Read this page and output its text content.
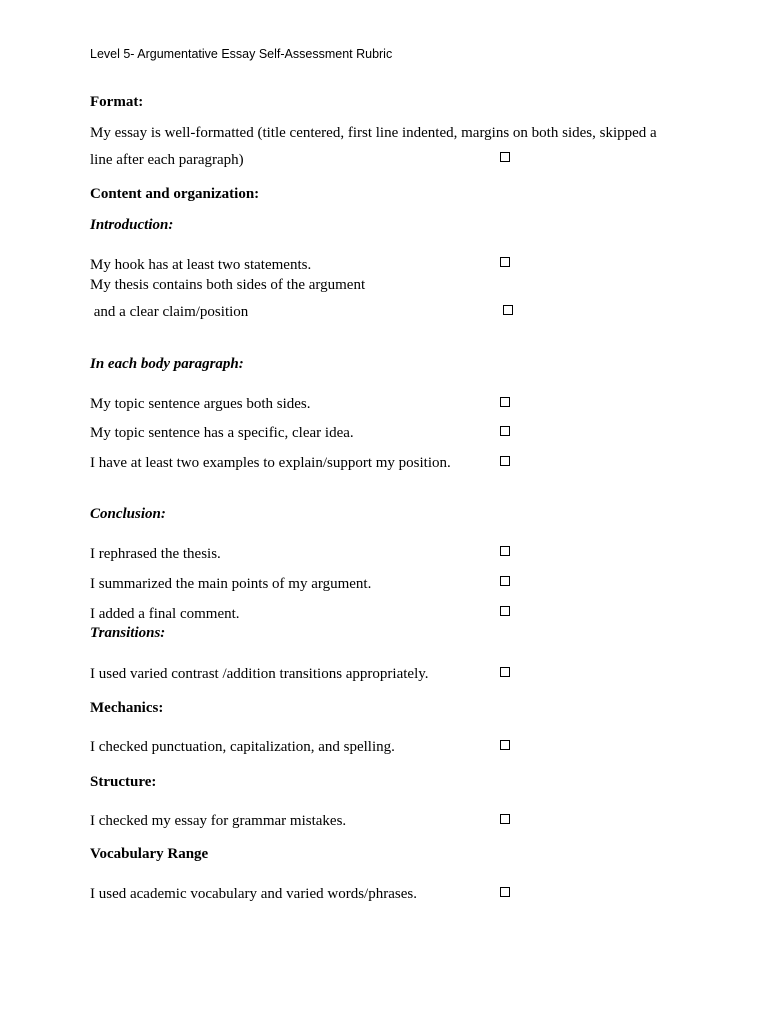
Level 5- Argumentative Essay Self-Assessment Rubric
Format:
My essay is well-formatted (title centered, first line indented, margins on both sides, skipped a
line after each paragraph)
Content and organization:
Introduction:
My hook has at least two statements.
My thesis contains both sides of the argument
and a clear claim/position
In each body paragraph:
My topic sentence argues both sides.
My topic sentence has a specific, clear idea.
I have at least two examples to explain/support my position.
Conclusion:
I rephrased the thesis.
I summarized the main points of my argument.
I added a final comment.
Transitions:
I used varied contrast /addition transitions appropriately.
Mechanics:
I checked punctuation, capitalization, and spelling.
Structure:
I checked my essay for grammar mistakes.
Vocabulary Range
I used academic vocabulary and varied words/phrases.
